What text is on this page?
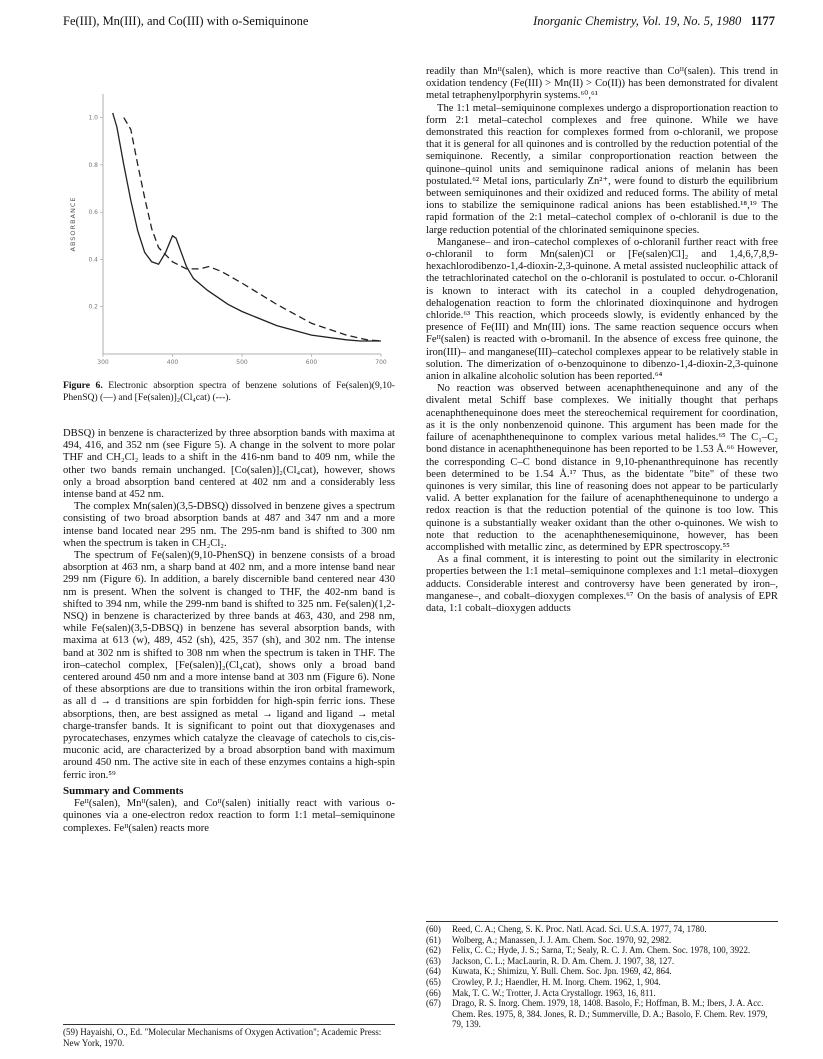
Fe(III), Mn(III), and Co(III) with o-Semiquinone	Inorganic Chemistry, Vol. 19, No. 5, 1980 1177
300	400	500	600	700
1.0
0.8
0.6
0.4
0.2
ABSORBANCE
Figure 6. Electronic absorption spectra of benzene solutions of Fe(salen)(9,10-PhenSQ) (—) and [Fe(salen)]₂(Cl₄cat) (---).

DBSQ) in benzene is characterized by three absorption bands with maxima at 494, 416, and 352 nm (see Figure 5). A change in the solvent to more polar THF and CH₂Cl₂ leads to a shift in the 416-nm band to 409 nm, while the other two bands remain unchanged. [Co(salen)]₂(Cl₄cat), however, shows only a broad absorption band centered at 402 nm and a considerably less intense band at 452 nm.

The complex Mn(salen)(3,5-DBSQ) dissolved in benzene gives a spectrum consisting of two broad absorption bands at 487 and 347 nm and a more intense band located near 295 nm. The 295-nm band is shifted to 300 nm when the spectrum is taken in CH₂Cl₂.

The spectrum of Fe(salen)(9,10-PhenSQ) in benzene consists of a broad absorption at 463 nm, a sharp band at 402 nm, and a more intense band near 299 nm (Figure 6). In addition, a barely discernible band centered near 430 nm is present. When the solvent is changed to THF, the 402-nm band is shifted to 394 nm, while the 299-nm band is shifted to 325 nm. Fe(salen)(1,2-NSQ) in benzene is characterized by three bands at 463, 430, and 298 nm, while Fe(salen)(3,5-DBSQ) in benzene has several absorption bands, with maxima at 613 (w), 489, 452 (sh), 425, 357 (sh), and 302 nm. The intense band at 302 nm is shifted to 308 nm when the spectrum is taken in THF. The iron–catechol complex, [Fe(salen)]₂(Cl₄cat), shows only a broad band centered around 450 nm and a more intense band at 303 nm (Figure 6). None of these absorptions are due to transitions within the iron orbital framework, as all d → d transitions are spin forbidden for high-spin ferric ions. These absorptions, then, are best assigned as metal → ligand and ligand → metal charge-transfer bands. It is significant to point out that dioxygenases and pyrocatechases, enzymes which catalyze the cleavage of catechols to cis,cis-muconic acid, are characterized by a broad absorption band with maximum around 450 nm. The active site in each of these enzymes contains a high-spin ferric iron.⁵⁹

Summary and Comments

Feᴵᴵ(salen), Mnᴵᴵ(salen), and Coᴵᴵ(salen) initially react with various o-quinones via a one-electron redox reaction to form 1:1 metal–semiquinone complexes. Feᴵᴵ(salen) reacts more

(59) Hayaishi, O., Ed. "Molecular Mechanisms of Oxygen Activation"; Academic Press: New York, 1970.

readily than Mnᴵᴵ(salen), which is more reactive than Coᴵᴵ(salen). This trend in oxidation tendency (Fe(III) > Mn(II) > Co(II)) has been demonstrated for divalent metal tetraphenylporphyrin systems.⁶⁰,⁶¹

The 1:1 metal–semiquinone complexes undergo a disproportionation reaction to form 2:1 metal–catechol complexes and free quinone. While we have demonstrated this reaction for complexes formed from o-chloranil, we propose that it is general for all quinones and is controlled by the reduction potential of the semiquinone. Recently, a similar conproportionation reaction between the quinone–quinol units and semiquinone radical anions of melanin has been postulated.⁶² Metal ions, particularly Zn²⁺, were found to disturb the equilibrium between semiquinones and their oxidized and reduced forms. The ability of metal ions to stabilize the semiquinone radical anions has been established.¹⁸,¹⁹ The rapid formation of the 2:1 metal–catechol complex of o-chloranil is due to the large reduction potential of the chlorinated semiquinone species.

Manganese– and iron–catechol complexes of o-chloranil further react with free o-chloranil to form Mn(salen)Cl or [Fe(salen)Cl]₂ and 1,4,6,7,8,9-hexachlorodibenzo-1,4-dioxin-2,3-quinone. A metal assisted nucleophilic attack of the tetrachlorinated catechol on the o-chloranil is postulated to occur. o-Chloranil is known to interact with its catechol in a coupled dehydrogenation, dehalogenation reaction to form the chlorinated dioxinquinone and hydrogen chloride.⁶³ This reaction, which proceeds slowly, is evidently enhanced by the presence of Fe(III) and Mn(III) ions. The same reaction sequence occurs when Feᴵᴵ(salen) is reacted with o-bromanil. In the absence of excess free quinone, the iron(III)– and manganese(III)–catechol complexes appear to be relatively stable in solution. The dimerization of o-benzoquinone to dibenzo-1,4-dioxin-2,3-quinone anion in alkaline alcoholic solution has been reported.⁶⁴

No reaction was observed between acenaphthenequinone and any of the divalent metal Schiff base complexes. We initially thought that perhaps acenaphthenequinone does meet the stereochemical requirement for coordination, as it is the only nonbenzenoid quinone. This argument has been made for the failure of acenaphthenequinone to complex various metal halides.⁶⁵ The C₁–C₂ bond distance in acenaphthenequinone has been reported to be 1.53 Å.⁶⁶ However, the corresponding C–C bond distance in 9,10-phenanthrequinone has recently been determined to be 1.54 Å.¹⁷ Thus, as the bidentate "bite" of these two quinones is very similar, this line of reasoning does not appear to be particularly valid. A better explanation for the failure of acenaphthenequinone to undergo a redox reaction is that the reduction potential of the quinone is too low. This quinone is a substantially weaker oxidant than the other o-quinones. We wish to note that reduction to the acenaphthenesemiquinone, however, has been accomplished with metallic zinc, as determined by EPR spectroscopy.⁵⁵

As a final comment, it is interesting to point out the similarity in electronic properties between the 1:1 metal–semiquinone complexes and 1:1 metal–dioxygen adducts. Considerable interest and controversy have been generated by iron–, manganese–, and cobalt–dioxygen complexes.⁶⁷ On the basis of analysis of EPR data, 1:1 cobalt–dioxygen adducts

(60)	Reed, C. A.; Cheng, S. K. Proc. Natl. Acad. Sci. U.S.A. 1977, 74, 1780.
(61)	Wolberg, A.; Manassen, J. J. Am. Chem. Soc. 1970, 92, 2982.
(62)	Felix, C. C.; Hyde, J. S.; Sarna, T.; Sealy, R. C. J. Am. Chem. Soc. 1978, 100, 3922.
(63)	Jackson, C. L.; MacLaurin, R. D. Am. Chem. J. 1907, 38, 127.
(64)	Kuwata, K.; Shimizu, Y. Bull. Chem. Soc. Jpn. 1969, 42, 864.
(65)	Crowley, P. J.; Haendler, H. M. Inorg. Chem. 1962, 1, 904.
(66)	Mak, T. C. W.; Trotter, J. Acta Crystallogr. 1963, 16, 811.
(67)	Drago, R. S. Inorg. Chem. 1979, 18, 1408. Basolo, F.; Hoffman, B. M.; Ibers, J. A. Acc. Chem. Res. 1975, 8, 384. Jones, R. D.; Summerville, D. A.; Basolo, F. Chem. Rev. 1979, 79, 139.
